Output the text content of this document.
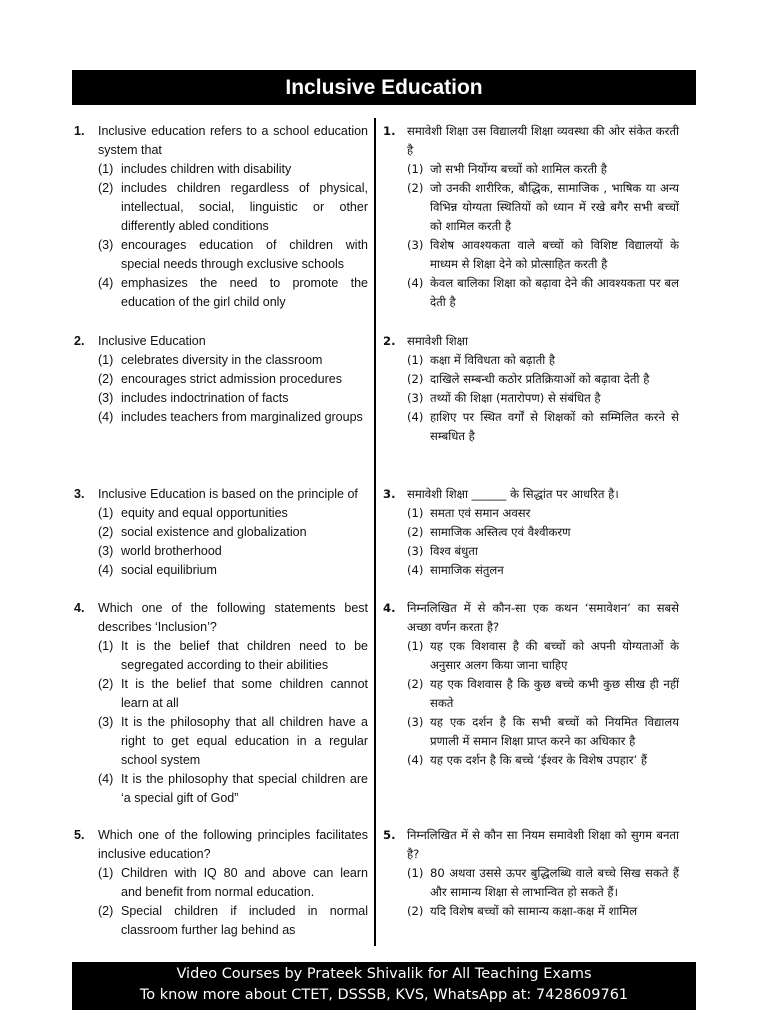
Inclusive Education
1. Inclusive education refers to a school education system that
(1) includes children with disability
(2) includes children regardless of physical, intellectual, social, linguistic or other differently abled conditions
(3) encourages education of children with special needs through exclusive schools
(4) emphasizes the need to promote the education of the girl child only
2. Inclusive Education
(1) celebrates diversity in the classroom
(2) encourages strict admission procedures
(3) includes indoctrination of facts
(4) includes teachers from marginalized groups
3. Inclusive Education is based on the principle of
(1) equity and equal opportunities
(2) social existence and globalization
(3) world brotherhood
(4) social equilibrium
4. Which one of the following statements best describes ‘Inclusion’?
(1) It is the belief that children need to be segregated according to their abilities
(2) It is the belief that some children cannot learn at all
(3) It is the philosophy that all children have a right to get equal education in a regular school system
(4) It is the philosophy that special children are ‘a special gift of God”
5. Which one of the following principles facilitates inclusive education?
(1) Children with IQ 80 and above can learn and benefit from normal education.
(2) Special children if included in normal classroom further lag behind as
1. समावेशी शिक्षा उस विद्यालयी शिक्षा व्यवस्था की ओर संकेत करती है
(1) जो सभी निर्योग्य बच्चों को शामिल करती है
(2) जो उनकी शारीरिक, बौद्धिक, सामाजिक , भाषिक या अन्य विभिन्न योग्यता स्थितियों को ध्यान में रखे बगैर सभी बच्चों को शामिल करती है
(3) विशेष आवश्यकता वाले बच्चों को विशिष्ट विद्यालयों के माध्यम से शिक्षा देने को प्रोत्साहित करती है
(4) केवल बालिका शिक्षा को बढ़ावा देने की आवश्यकता पर बल देती है
2. समावेशी शिक्षा
(1) कक्षा में विविधता को बढ़ाती है
(2) दाखिले सम्बन्धी कठोर प्रतिक्रियाओं को बढ़ावा देती है
(3) तथ्यों की शिक्षा (मतारोपण) से संबंधित है
(4) हाशिए पर स्थित वर्गों से शिक्षकों को सम्मिलित करने से सम्बधित है
3. समावेशी शिक्षा ______ के सिद्धांत पर आधरित है।
(1) समता एवं समान अवसर
(2) सामाजिक अस्तित्व एवं वैश्वीकरण
(3) विश्व बंधुता
(4) सामाजिक संतुलन
4. निम्नलिखित में से कौन-सा एक कथन ‘समावेशन’ का सबसे अच्छा वर्णन करता है?
(1) यह एक विशवास है की बच्चों को अपनी योग्यताओं के अनुसार अलग किया जाना चाहिए
(2) यह एक विशवास है कि कुछ बच्चे कभी कुछ सीख ही नहीं सकते
(3) यह एक दर्शन है कि सभी बच्चों को नियमित विद्यालय प्रणाली में समान शिक्षा प्राप्त करने का अधिकार है
(4) यह एक दर्शन है कि बच्चे ‘ईश्वर के विशेष उपहार’ हैं
5. निम्नलिखित में से कौन सा नियम समावेशी शिक्षा को सुगम बनता है?
(1) 80 अथवा उससे ऊपर बुद्धिलब्धि वाले बच्चे सिख सकते हैं और सामान्य शिक्षा से लाभान्वित हो सकते हैं।
(2) यदि विशेष बच्चों को सामान्य कक्षा-कक्ष में शामिल
Video Courses by Prateek Shivalik for All Teaching Exams
To know more about CTET, DSSSB, KVS, WhatsApp at: 7428609761
